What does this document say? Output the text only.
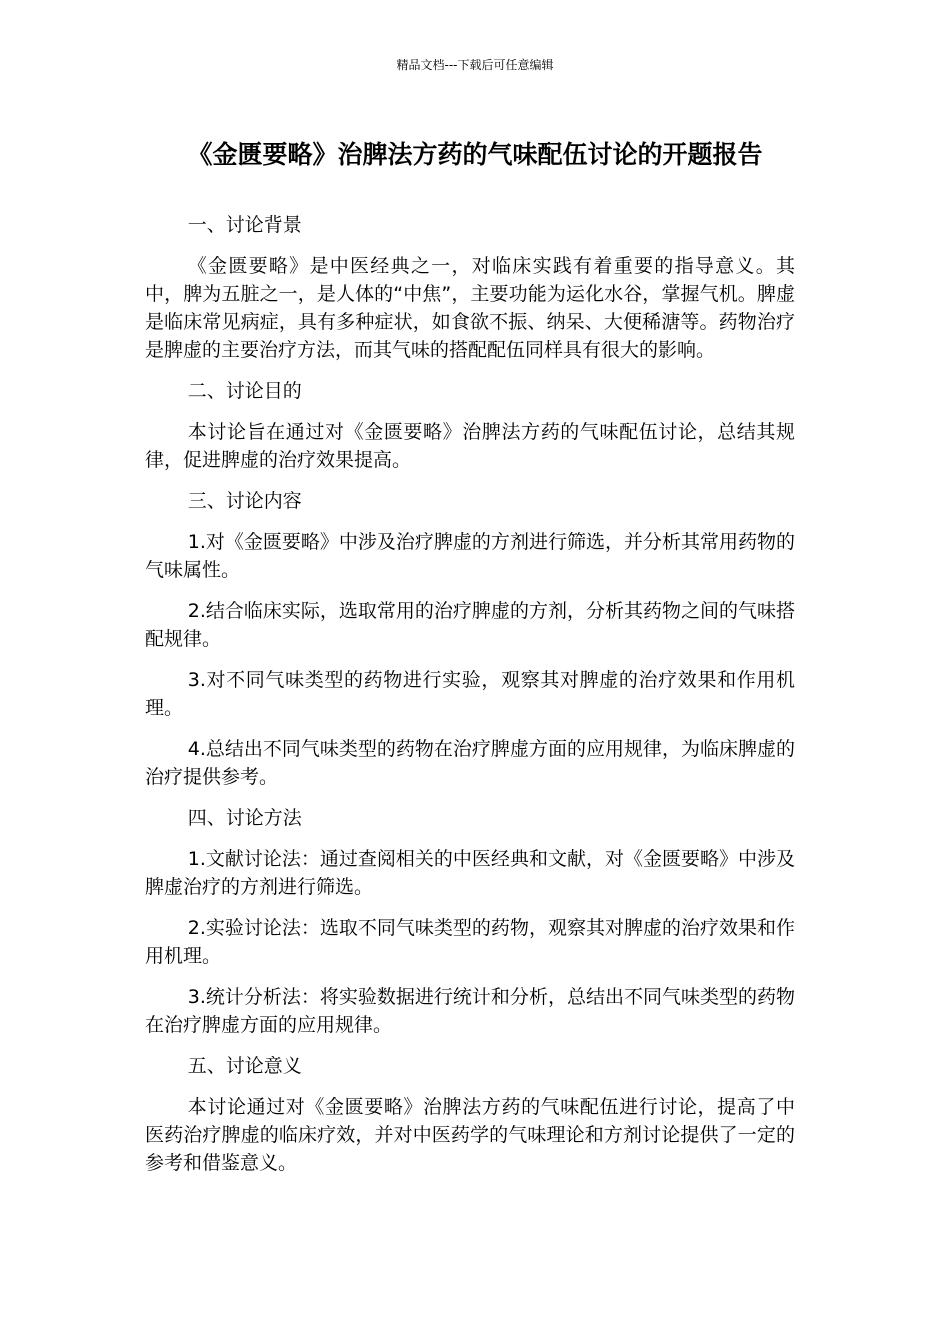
精品文档---下载后可任意编辑
《金匮要略》治脾法方药的气味配伍讨论的开题报告

一、讨论背景

《金匮要略》是中医经典之一，对临床实践有着重要的指导意义。其中，脾为五脏之一，是人体的“中焦”，主要功能为运化水谷，掌握气机。脾虚是临床常见病症，具有多种症状，如食欲不振、纳呆、大便稀溏等。药物治疗是脾虚的主要治疗方法，而其气味的搭配配伍同样具有很大的影响。

二、讨论目的

本讨论旨在通过对《金匮要略》治脾法方药的气味配伍讨论，总结其规律，促进脾虚的治疗效果提高。

三、讨论内容

1.对《金匮要略》中涉及治疗脾虚的方剂进行筛选，并分析其常用药物的气味属性。

2.结合临床实际，选取常用的治疗脾虚的方剂，分析其药物之间的气味搭配规律。

3.对不同气味类型的药物进行实验，观察其对脾虚的治疗效果和作用机理。

4.总结出不同气味类型的药物在治疗脾虚方面的应用规律，为临床脾虚的治疗提供参考。

四、讨论方法

1.文献讨论法：通过查阅相关的中医经典和文献，对《金匮要略》中涉及脾虚治疗的方剂进行筛选。

2.实验讨论法：选取不同气味类型的药物，观察其对脾虚的治疗效果和作用机理。

3.统计分析法：将实验数据进行统计和分析，总结出不同气味类型的药物在治疗脾虚方面的应用规律。

五、讨论意义

本讨论通过对《金匮要略》治脾法方药的气味配伍进行讨论，提高了中医药治疗脾虚的临床疗效，并对中医药学的气味理论和方剂讨论提供了一定的参考和借鉴意义。
